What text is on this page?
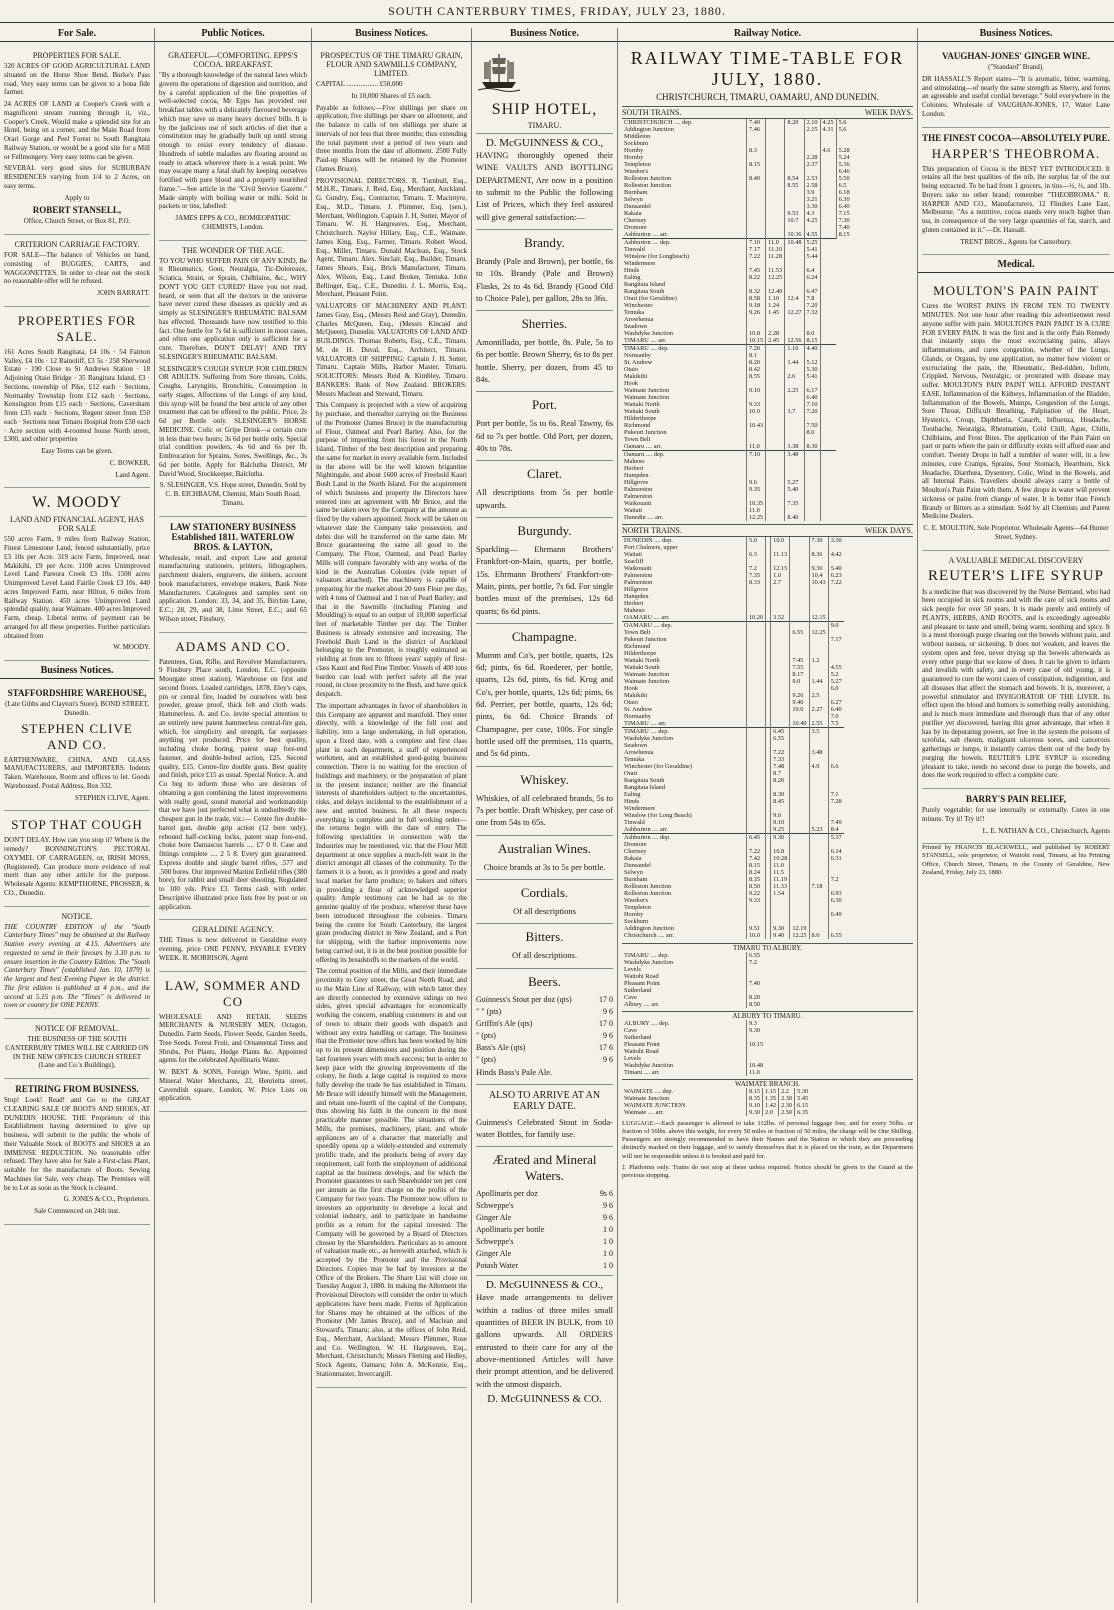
SOUTH CANTERBURY TIMES, FRIDAY, JULY 23, 1880.
For Sale.
PROPERTIES FOR SALE.

320 ACRES OF GOOD AGRICULTURAL LAND situated on the Horse Shoe Bend, Burke's Pass road. Very easy terms can be given to a bona fide farmer.

24 ACRES OF LAND at Cooper's Creek with a magnificent stream running through it, viz., Cooper's Creek. Would make a splendid site for an Hotel, being on a corner, and the Main Road from Orari Gorge and Peel Forest to South Rangitata Railway Station, or would be a good site for a Mill or Fellmongery. Very easy terms can be given.

SEVERAL very good sites for SUBURBAN RESIDENCES varying from 1/4 to 2 Acres, on easy terms.

Apply to

ROBERT STANSELL,

Office, Church Street, or Box 81, P.O.

CRITERION CARRIAGE FACTORY.

FOR SALE—The balance of Vehicles on hand, consisting of BUGGIES, CARTS, and WAGGONETTES. In order to clear out the stock no reasonable offer will be refused.

JOHN BARRATT.

PROPERTIES FOR SALE.

161 Acres South Rangitata, £4 10s · 54 Fairton Valley, £4 10s · 12 Rainoliff, £3 5s · 258 Sherwood Estate · 190 Close to St Andrews Station · 18 Adjoining Otaio Bridge · 35 Rangitata Island, £3 · Sections, township of Pike, £12 each · Sections, Normanby Township from £12 each · Sections, Kensington from £15 each · Sections, Caversham from £35 each · Sections, Regent street from £50 each · Sections near Timaru Hospital from £50 each · Acre section with 4-roomed house North street, £300, and other properties

Easy Terms can be given.

C. BOWKER,

Land Agent.

W. MOODY
LAND AND FINANCIAL AGENT, HAS FOR SALE

550 acres Farm, 9 miles from Railway Station, Finest Limestone Land, fenced substantially, price £3 10s per Acre. 319 acre Farm, Improved, near Makikihi, £9 per Acre. 1100 acres Unimproved Level Land Pareora Creek £3 10s. 1500 acres Unimproved Level Land Fairlie Creek £3 10s. 440 acres Improved Farm, near Hilton, 6 miles from Railway Station. 450 acres Unimproved Land splendid quality, near Waimate. 400 acres Improved Farm, cheap. Liberal terms of payment can be arranged for all these properties. Further particulars obtained from

W. MOODY.

Business Notices.
STAFFORDSHIRE WAREHOUSE,

(Late Gibbs and Clayton's Store), BOND STREET, Dunedin.

STEPHEN CLIVE AND CO.

EARTHENWARE, CHINA, AND GLASS MANUFACTURERS, and IMPORTERS. Indents Taken. Warehouse, Room and offices to let. Goods Warehoused. Postal Address, Box 332.

STEPHEN CLIVE, Agent.

STOP THAT COUGH

DON'T DELAY. How can you stop it? Where is the remedy? BONNINGTON'S PECTORAL OXYMEL OF CARRAGEEN, or, IRISH MOSS, (Registered). Can produce more evidence of real merit than any other article for the purpose. Wholesale Agents: KEMPTHORNE, PROSSER, & CO., Dunedin.

NOTICE.

THE COUNTRY EDITION of the "South Canterbury Times" may be obtained at the Railway Station every evening at 4.15. Advertisers are requested to send in their favours by 3.30 p.m. to ensure insertion in the Country Edition. The "South Canterbury Times" [established Jan. 10, 1879] is the largest and best Evening Paper in the district. The first edition is published at 4 p.m., and the second at 5.15 p.m. The "Times" is delivered in town or country for ONE PENNY.

NOTICE OF REMOVAL.

THE BUSINESS OF THE SOUTH CANTERBURY TIMES WILL BE CARRIED ON IN THE NEW OFFICES CHURCH STREET (Lane and Co.'s Buildings),

RETIRING FROM BUSINESS.

Stop! Look! Read! and Go to the GREAT CLEARING SALE OF BOOTS AND SHOES, AT DUNEDIN HOUSE. THE Proprietors of this Establishment having determined to give up business, will submit to the public the whole of their Valuable Stock of BOOTS and SHOES at an IMMENSE REDUCTION. No reasonable offer refused. They have also for Sale a First-class Plant, suitable for the manufacture of Boots. Sewing Machines for Sale, very cheap. The Premises will be to Let as soon as the Stock is cleared.

G. JONES & CO., Proprietors.

Sale Commenced on 24th inst.

Public Notices.
GRATEFUL—COMFORTING. EPPS'S COCOA. BREAKFAST.

"By a thorough knowledge of the natural laws which govern the operations of digestion and nutrition, and by a careful application of the fine properties of well-selected cocoa, Mr Epps has provided our breakfast tables with a delicately flavoured beverage which may save us many heavy doctors' bills. It is by the judicious use of such articles of diet that a constitution may be gradually built up until strong enough to resist every tendency of disease. Hundreds of subtle maladies are floating around us ready to attack wherever there is a weak point. We may escape many a fatal shaft by keeping ourselves fortified with pure blood and a properly nourished frame."—See article in the "Civil Service Gazette." Made simply with boiling water or milk. Sold in packets or tins, labelled:

JAMES EPPS & CO., HOMŒOPATHIC CHEMISTS, London.

THE WONDER OF THE AGE.

TO YOU WHO SUFFER PAIN OF ANY KIND, Be it Rheumatics, Gout, Neuralgia, Tic-Doloreaux, Sciatica, Strain, or Sprain, Chilblains, &c., WHY DON'T YOU GET CURED? Have you not read, heard, or seen that all the doctors in the universe have never cured these diseases as quickly and as simply as SLESINGER'S RHEUMATIC BALSAM has effected. Thousands have now testified to this fact. One bottle for 7s 6d is sufficient in most cases, and often one application only is sufficient for a cure. Therefore, DON'T DELAY! AND TRY SLESINGER'S RHEUMATIC BALSAM.

SLESINGER'S COUGH SYRUP. FOR CHILDREN OR ADULTS. Suffering from Sore throats, Colds, Coughs, Laryngitis, Bronchitis, Consumption in early stages, Affections of the Lungs of any kind, this syrup will be found the best article of any other treatment that can be offered to the public. Price, 2s 6d per Bottle only. SLESINGER'S HORSE MEDICINE. Colic or Gripe Drink—a certain cure in less than two hours; 3s 6d per bottle only. Special trial condition powders, 4s 6d and 6s per lb. Embrocation for Sprains, Sores, Swellings, &c., 3s 6d per bottle. Apply for Balclutha District, Mr David Wood, Stockkeeper, Balclutha.

S. SLESINGER, V.S. Hope street, Dunedin. Sold by C. B. EICHBAUM, Chemist, Main South Road, Timaru.

LAW STATIONERY BUSINESS Established 1811. WATERLOW BROS. & LAYTON,

Wholesale, retail, and export Law and general manufacturing stationers, printers, lithographers, parchment dealers, engravers, die sinkers, account book manufacturers, envelope makers, Bank Note Manufacturers. Catalogues and samples sent on application. London: 33, 34, and 35, Birchin Lane, E.C.; 28, 29, and 38, Lime Street, E.C.; and 65 Wilson street, Finsbury.

ADAMS AND CO.

Patentees, Gun, Rifle, and Revolver Manufacturers, 9 Finsbury Place south, London, E.C. (opposite Moorgate street station), Warehouse on first and second floors. Loaded cartridges, 1878. Eley's caps, pin or central fire, loaded by ourselves with best powder, grease proof, thick felt and cloth wads. Hammerless. A. and Co. invite special attention to an entirely new patent hammerless central-fire gun, which, for simplicity and strength, far surpasses anything yet produced. Price for best quality, including choke boring, patent snap fore-end fastener, and double-bolted action, £25. Second quality, £15. Centre-fire double guns. Best quality and finish, price £15 as usual. Special Notice. A. and Co beg to inform those who are desirous of obtaining a gun combining the latest improvements with really good, sound material and workmanship that we have just perfected what is undoubtedly the cheapest gun in the trade, viz.:— Centre fire double-barrel gun, double grip action (12 bore only), rebound half-cocking locks, patent snap fore-end, choke bore Damascus barrels .... £7 0 0. Case and fittings complete .... 2 5 8. Every gun guaranteed. Express double and single barrel rifles, .577 and .500 bores. Our improved Martini Enfield rifles (380 bore), for rabbit and small deer shooting. Regulated to 100 yds. Price £3. Terms cash with order. Descriptive illustrated price lists free by post or on application.

GERALDINE AGENCY.

THE Times is now delivered in Geraldine every evening, price ONE PENNY, PAYABLE EVERY WEEK. R. MORRISON, Agent

LAW, SOMMER AND CO

WHOLESALE AND RETAIL SEEDS MERCHANTS & NURSERY MEN, Octagon, Dunedin. Farm Seeds, Flower Seeds, Garden Seeds, Tree Seeds. Forest Fruit, and Ornamental Trees and Shrubs, Pot Plants, Hedge Plants &c. Appointed agents for the celebrated Apollinaris Water.

W. BEST & SONS, Foreign Wine, Spirit, and Mineral Water Merchants, 22, Henrietta street, Cavendish square, London, W. Price Lists on application.

Business Notices.
PROSPECTUS OF THE TIMARU GRAIN, FLOUR AND SAWMILLS COMPANY, LIMITED.

CAPITAL .................. £50,000

In 10,000 Shares of £5 each.

Payable as follows:—Five shillings per share on application, five shillings per share on allotment, and the balance in calls of ten shillings per share at intervals of not less that three months; thus extending the total payment over a period of two years and three months from the date of allotment. 2500 Fully Paid-up Shares will be retained by the Promoter (James Bruce).

PROVISIONAL DIRECTORS. R. Turnbull, Esq., M.H.R., Timaru. J. Reid, Esq., Merchant, Auckland. G. Gundry, Esq., Contractor, Timaru. T. Macintyre, Esq., M.D., Timaru. J. Plimmer, Esq. (sen.), Merchant, Wellington. Captain J. H. Sutter, Mayor of Timaru. W. H. Hargreaves, Esq., Merchant, Christchurch. Naylor Hillary, Esq., C.E., Waimate. James King, Esq., Farmer, Timaru. Robert Wood, Esq., Miller, Timaru. Donald Maclean, Esq., Stock Agent, Timaru. Alex. Sinclair, Esq., Builder, Timaru. James Shears, Esq., Brick Manufacturer, Timaru. Alex. Wilson, Esq., Land Broker, Temuka. John Bellinger, Esq., C.E., Dunedin. J. L. Morris, Esq., Merchant, Pleasant Point.

VALUATORS OF MACHINERY AND PLANT: James Gray, Esq., (Messrs Reid and Gray), Dunedin. Charles McQueen, Esq., (Messrs Kincaid and McQueen), Dunedin. VALUATORS OF LAND AND BUILDINGS. Thomas Roberts, Esq., C.E., Timaru. M. de H. Duval, Esq., Architect, Timaru. VALUATORS OF SHIPPING: Captain J. H. Sutter, Timaru. Captain Mills, Harbor Master, Timaru. SOLICITORS: Messrs Reid & Kimbley, Timaru. BANKERS: Bank of New Zealand. BROKERS: Messrs Maclean and Steward, Timaru.

This Company is projected with a view of acquiring by purchase, and thereafter carrying on the Business of the Promoter (James Bruce) in the manufacturing of Flour, Oatmeal and Pearl Barley. Also, for the purpose of importing from his forest in the North Island, Timber of the best description and preparing the same for market in every available form. Included in the above will be the well known brigantine Nightingale, and about 1600 acres of Freehold Kauri Bush Land in the North Island. For the acquirement of which business and property the Directors have entered into an agreement with Mr Bruce, and the same be taken over by the Company at the amount as fixed by the valuers appointed. Stock will be taken on whatever date the Company take possession, and debts due will be transferred on the same date. Mr Bruce guaranteeing the same all good to the Company. The Flour, Oatmeal, and Pearl Barley Mills will compare favorably with any works of the kind in the Australian Colonies (vide report of valuators attached). The machinery is capable of preparing for the market about 20 tons Flour per day, with 4 tons of Oatmeal and 1 ton of Pearl Barley; and that in the Sawmills (including Planing and Moulding) is equal to an output of 10,000 superficial feet of marketable Timber per day. The Timber Business is already extensive and increasing. The Freehold Bush Land in the district of Auckland belonging to the Promoter, is roughly estimated as yielding at from ten to fifteen years' supply of first-class Kauri and Red Pine Timber. Vessels of 400 tons burden can load with perfect safety all the year round, in close proximity to the Bush, and have quick despatch.

The important advantages in favor of shareholders in this Company are apparent and manifold. They enter directly, with a knowledge of the full cost and liability, into a large undertaking, in full operation, upon a fixed date, with a complete and first class plant in each department, a staff of experienced workmen, and an established good-going business connection. There is no waiting for the erection of buildings and machinery, or the preparation of plant in the present instance; neither are the financial interests of shareholders subject to the uncertainties, risks, and delays incidental to the establishment of a new and untried business. In all these respects everything is complete and in full working order—the returns begin with the date of entry. The following specialities in connection with the Industries may be mentioned, viz: that the Flour Mill department at once supplies a much-felt want in the district amongst all classes of the community. To the farmers it is a boon, as it provides a good and ready local market for farm produce; to bakers and others in providing a flour of acknowledged superior quality. Ample testimony can be had as to the genuine quality of the produce, wherever these have been introduced throughout the colonies. Timaru being the centre for South Canterbury, the largest grain producing district in New Zealand, and a Port for shipping, with the harbor improvements now being carried out, it is in the best position possible for offering its breadstuffs to the markets of the world.

The central position of the Mills, and their immediate proximity to Grey street, the Great North Road, and to the Main Line of Railway, with which latter they are directly connected by extensive sidings on two sides, gives special advantages for economically working the concern, enabling customers in and out of town to obtain their goods with dispatch and without any extra handling or cartage. The business that the Promoter now offers has been worked by him up to its present dimensions and position during the last fourteen years with much success; but in order to keep pace with the growing improvements of the colony, he finds a large capital is required to move fully develop the trade he has established in Timaru. Mr Bruce will identify himself with the Management, and retain one-fourth of the capital of the Company, thus showing his faith in the concern in the most practicable manner possible. The situations of the Mills, the premises, machinery, plant, and whole appliances are of a character that materially and speedily opens up a widely-extended and extremely prolific trade, and the products being of every day requirement, call forth the employment of additional capital as the business develops, and for which the Promoter guarantees to each Shareholder ten per cent per annum as the first charge on the profits of the Company for two years. The Promoter now offers to investors an opportunity to develope a local and colonial industry, and to participate in handsome profits as a return for the capital invested. The Company will be governed by a Board of Directors chosen by the Shareholders. Particulars as to amount of valuation made etc., as herewith attached, which is accepted by the Promoter and the Provisional Directors. Copies may be had by investors at the Office of the Brokers. The Share List will close on Tuesday August 3, 1880. In making the Allotment the Provisional Directors will consider the order in which applications have been made. Forms of Application for Shares may be obtained at the offices of the Promoter (Mr James Bruce), and of Maclean and Steward's, Timaru; also, at the offices of John Reid, Esq., Merchant, Auckland; Messrs Plimmer, Rose and Co. Wellington, W. H. Hargreaves, Esq., Merchant, Christchurch; Messrs Fleming and Hedley, Stock Agents, Oamaru; John A. McKenzie, Esq., Stationmaster, Invercargill.

Business Notice.
SHIP HOTEL,
TIMARU.
D. McGUINNESS & CO.,

HAVING thoroughly opened their WINE VAULTS AND BOTTLING DEPARTMENT, Are now in a position to submit to the Public the following List of Prices, which they feel assured will give general satisfaction:—

Brandy.

Brandy (Pale and Brown), per bottle, 6s to 10s. Brandy (Pale and Brown) Flasks, 2s to 4s 6d. Brandy (Good Old to Choice Pale), per gallon, 28s to 36s.

Sherries.

Amontillado, per bottle, 8s. Pale, 5s to 6s per bottle. Brown Sherry, 6s to 8s per bottle. Sherry, per dozen, from 45 to 84s.

Port.

Port per bottle, 5s to 6s. Real Tawny, 6s 6d to 7s per bottle. Old Port, per dozen, 40s to 78s.

Claret.

All descriptions from 5s per bottle upwards.

Burgundy.

Sparkling— Ehrmann Brothers' Frankfort-on-Main, quarts, per bottle, 15s. Ehrmann Brothers' Frankfort-on-Main, pints, per bottle, 7s 6d. For single bottles must of the premises, 12s 6d quarts; 6s 6d pints.

Champagne.

Mumm and Co's, per bottle, quarts, 12s 6d; pints, 6s 6d. Roederer, per bottle, quarts, 12s 6d, pints, 6s 6d. Krug and Co's, per bottle, quarts, 12s 6d; pints, 6s 6d. Perrier, per bottle, quarts, 12s 6d; pints, 6s 6d. Choice Brands of Champagne, per case, 100s. For single bottle used off the premises, 11s quarts, and 5s 6d pints.

Whiskey.

Whiskies, of all celebrated brands, 5s to 7s per bottle. Draft Whiskey, per case of one from 54s to 65s.

Australian Wines.

Choice brands at 3s to 5s per bottle.

Cordials.

Of all descriptions

Bitters.

Of all descriptions.

Beers.
Guinness's Stout per doz (qts)	17 0
" " (pts)	9 6
Griffin's Ale (qts)	17 0
" (pts)	9 6
Bass's Ale (qts)	17 6
" (pts)	9 6

Hinds Bass's Pale Ale.

ALSO TO ARRIVE AT AN EARLY DATE.

Guinness's Celebrated Stout in Soda-water Bottles, for family use.

Ærated and Mineral Waters.
Apollinaris per doz	9s 6
Schweppe's	9 6
Ginger Ale	9 6
Apollinaris per bottle	1 0
Schweppe's	1 0
Ginger Ale	1 0
Potash Water	1 0
D. McGUINNESS & CO.,

Have made arrangements to deliver within a radius of three miles small quantities of BEER IN BULK, from 10 gallons upwards. All ORDERS entrusted to their care for any of the above-mentioned Articles will have their prompt attention, and be delivered with the utmost dispatch.

D. McGUINNESS & CO.
Railway Notice.
RAILWAY TIME-TABLE FOR JULY, 1880.
CHRISTCHURCH, TIMARU, OAMARU, AND DUNEDIN.
SOUTH TRAINS.	WEEK DAYS.
CHRISTCHURCH .... dep.	7.40		8.20	2.10	4.25	5.6
Addington Junction	7.46			2.15	4.31	5.6
Middleton						
Sockburn						
Hornby	8.3				4.6	5.28
Hornby				2.28		5.24
Templeton	8.15			2.37		5.36
Weedon's						6.46
Rolleston Junction	8.40		8.54	2.53		5.50
Rolleston Junction			8.55	2.58		6.5
Burnham				3.9		6.18
Selwyn				3.21		6.30
Dunsandel				3.30		6.40
Rakaia			9.53	4.3		7.15
Chertsey			10.7	4.25		7.30
Dromore						7.40
Ashburton .... arr.			10.36	4.55		8.15
Ashburton .... dep.	7.10	11.0	10.48	5.25		
Tinwald	7.17	11.10		5.41		
Winslow (for Longbeach)	7.22	11.28		5.44		
Windermere						
Hinds	7.45	11.53		6.4		
Ealing	8.22	12.25		6.24		
Rangitata Island						
Rangitata South	8.32	12.40		6.47		
Orari (for Geraldine)	8.58	1.10	12.4	7.8		
Winchester	9.18	1.24		7.20		
Temuka	9.26	1.45	12.27	7.32		
Arowhenua						
Seadown						
Washdyke Junction	10.8	2.28		8.0		
TIMARU .... arr.	10.15	2.45	12.56	8.15		
TIMARU .... dep.	7.20		1.16	4.40		
Normanby	8.1					
St. Andrew	8.20		1.44	5.12		
Otaio	8.42			5.30		
Makikihi	8.55		2.6	5.41		
Hook						
Waimate Junction	9.10		2.25	6.17		
Waimate Junction				6.40		
Waitaki North	9.33			7.10		
Waitaki South	10.0		3.7	7.20		
Hilderthorpe						
Richmond	10.43			7.50		
Pukeuri Junction				8.0		
Town Belt						
Oamaru .... arr.	11.0		3.38	8.30		
Oamaru .... dep.	7.10		3.48			
Maheno						
Herbert						
Hampden						
Hillgrove	9.6		5.27			
Palmerston	9.35		5.40			
Palmerston						
Waikouaiti	10.35		7.35			
Waitati	11.0					
Dunedin .... arr.	12.25		8.40			
NORTH TRAINS.	WEEK DAYS.
DUNEDIN .... dep.	5.0		10.0		7.30	3.30
Port Chalmers, upper						
Waitati	6.3		11.13		8.36	4.42
Seacliff						
Waikouaiti	7.2		12.15		9.30	5.40
Palmerston	7.35		1.0		10.4	6.23
Palmerston	8.33		2.7		10.43	7.22
Hillgrove						
Hampden						
Herbert						
Maheno						
OAMARU .... arr.	10.20		3.52		12.15	
OAMARU .... dep.						9.0
Town Belt				6.55	12.25	
Pukeuri Junction						7.17
Richmond						
Hilderthorpe						
Waitaki North				7.45	1.2	
Waitaki South				7.55		4.55
Waimate Junction				8.17		5.2
Waimate Junction				9.0	1.44	5.27
Hook						6.0
Makikihi				9.26	2.5	
Otaio				9.40		6.27
St. Andrew				10.0	2.27	6.40
Normanby						7.0
TIMARU .... arr.				10.40	2.55	7.5
TIMARU .... dep.			6.45		3.5	
Washdyke Junction			6.55			
Seadown						
Arowhenua			7.22		3.48	
Temuka			7.33			
Winchester (for Geraldine)			7.48		4.9	6.6
Orari			8.7			
Rangitata South			8.20			
Rangitata Island						
Ealing			8.30			7.1
Hinds			8.45			7.28
Windermere						
Winslow (for Long Beach)			9.0			
Tinwald			9.10			7.49
Ashburton .... arr.			9.25		5.23	8.4
Ashburton .... dep.	6.45		9.30			5.37
Dromore						
Chertsey	7.22		10.8			6.14
Rakaia	7.42		10.28			6.31
Dunsandel	8.15		11.0			
Selwyn	8.24		11.5			
Burnham	8.35		11.19			7.2
Rolleston Junction	8.50		11.33		7.18	
Rolleston Junction	9.22		1.54			6.93
Weedon's	9.33					6.30
Templeton						
Hornby						6.49
Sockburn						
Addington Junction	9.51		9.30	12.19		
Christchurch .... arr.	10.0		9.40	12.25	8.0	6.55
TIMARU TO ALBURY.
TIMARU .... dep.	6.55
Washdyke Junction	7.2
Levels	
Waitohi Road	
Pleasant Point	7.40
Sutherland	
Cave	8.20
Albury .... arr.	8.50
ALBURY TO TIMARU.
ALBURY .... dep.	9.3
Cave	9.30
Sutherland	
Pleasant Point	10.15
Waitohi Road	
Levels	
Washdyke Junction	10.48
Timaru .... arr.	11.0
WAIMATE BRANCH.
WAIMATE .... dep.	8.15	1.15	2.2	5.30
Waimate Junction	8.35	1.35	2.30	5.45
WAIMATE JUNCTION	9.10	1.42	2.30	6.15
Waimate .... arr.	9.30	2.0	2.50	6.35

LUGGAGE.—Each passenger is allowed to take 112lbs. of personal luggage free, and for every 56lbs. or fraction of 56lbs. above this weight, for every 50 miles or fraction of 50 miles, the charge will be One Shilling. Passengers are strongly recommended to have their Names and the Station to which they are proceeding distinctly marked on their luggage, and to satisfy themselves that it is placed on the train, as the Department will not be responsible unless it is booked and paid for.

‡ Platforms only. Trains do not stop at these unless required. Notice should be given to the Guard at the previous stopping.

Business Notices.
VAUGHAN-JONES' GINGER WINE.

("Standard" Brand).

DR HASSALL'S Report states—"It is aromatic, bitter, warming, and stimulating—of nearly the same strength as Sherry, and forms an agreeable and useful cordial beverage." Sold everywhere in the Colonies. Wholesale of VAUGHAN-JONES, 17, Water Lane London.

THE FINEST COCOA—ABSOLUTELY PURE.
HARPER'S THEOBROMA.

This preparation of Cocoa is the BEST YET INTRODUCED. It retains all the best qualities of the nib, the surplus fat of the nut being extracted. To be had from 1 grocers, in tins—½, ½, and 1lb. Buyers take no other brand; remember "THEOBROMA." R. HARPER AND CO., Manufacturers, 12 Flinders Lane East, Melbourne. "As a nutritive, cocoa stands very much higher than tea, in consequence of the very large quantities of fat, starch, and gluten contained in it."—Dr. Hassall.

TRENT BROS., Agents for Canterbury.

Medical.
MOULTON'S PAIN PAINT

Cures the WORST PAINS IN FROM TEN TO TWENTY MINUTES. Not one hour after reading this advertisement need anyone suffer with pain. MOULTON'S PAIN PAINT IS A CURE FOR EVERY PAIN. It was the first and is the only Pain Remedy that instantly stops the most excruciating pains, allays inflammations, and cures congestion, whether of the Lungs, Glands, or Organs, by one application, no matter how violent or excruciating the pain, the Rheumatic, Bed-ridden, Infirm, Crippled, Nervous, Neuralgic, or prostrated with disease may suffer. MOULTON'S PAIN PAINT WILL AFFORD INSTANT EASE. Inflammation of the Kidneys, Inflammation of the Bladder, Inflammation of the Bowels, Mumps, Congestion of the Lungs, Sore Throat, Difficult Breathing, Palpitation of the Heart, Hysterics, Croup, Diphtheria, Catarrh, Influenza, Headache, Toothache, Neuralgia, Rheumatism, Cold Chill, Ague, Chills, Chilblains, and Frost Bites. The application of the Pain Paint on part or parts where the pain or difficulty exists will afford ease and comfort. Twenty Drops in half a tumbler of water will, in a few minutes, cure Cramps, Sprains, Sour Stomach, Heartburn, Sick Headache, Diarrhœa, Dysentery, Colic, Wind in the Bowels, and all Internal Pains. Travellers should always carry a bottle of Moulton's Pain Paint with them. A few drops in water will prevent sickness or pains from change of water. It is better than French Brandy or Bitters as a stimulant. Sold by all Chemists and Patent Medicine Dealers.

C. E. MOULTON, Sole Proprietor. Wholesale Agents—64 Hunter Street, Sydney.

A VALUABLE MEDICAL DISCOVERY
REUTER'S LIFE SYRUP

Is a medicine that was discovered by the Nurse Bertrand, who had been occupied in sick rooms and with the care of sick rooms and sick people for over 50 years. It is made purely and entirely of PLANTS, HERBS, AND ROOTS, and is exceedingly agreeable and pleasant to taste and smell, being warm, soothing and spicy. It is a most thorough purge clearing out the bowels without pain, and without nausea, or sickening. It does not weaken, and leaves the system open and free, never drying up the bowels afterwards as every other purge that we know of does. It can be given to infants and invalids with safety, and in every case of old young, it is guaranteed to cure the worst cases of constipation, indigestion, and all diseases that affect the stomach and bowels. It is, moreover, a powerful stimulator and INVIGORATOR OF THE LIVER. Its effect upon the blood and humors is something really astonishing, and is much more immediate and thorough than that of any other purifier yet discovered, having this great advantage, that when it has by its depurating powers, set free in the system the poisons of scrofula, salt rheum, malignant ulcerous sores, and cancerous gatherings or lumps, it instantly carries them out of the body by purging the bowels. REUTER'S LIFE SYRUP is exceeding pleasant to take, needs no second dose to purge the bowels, and does the work required to effect a complete cure.

BARRY'S PAIN RELIEF,

Purely vegetable; for use internally or externally. Cures in one minute. Try it! Try it!!

L. E. NATHAN & CO., Christchurch, Agents

Printed by FRANCIS BLACKWELL, and published by ROBERT STANSELL, sole proprietor, of Waitohi road, Timaru, at his Printing Office, Church Street, Timaru, in the County of Geraldine, New Zealand, Friday, July 23, 1880.
